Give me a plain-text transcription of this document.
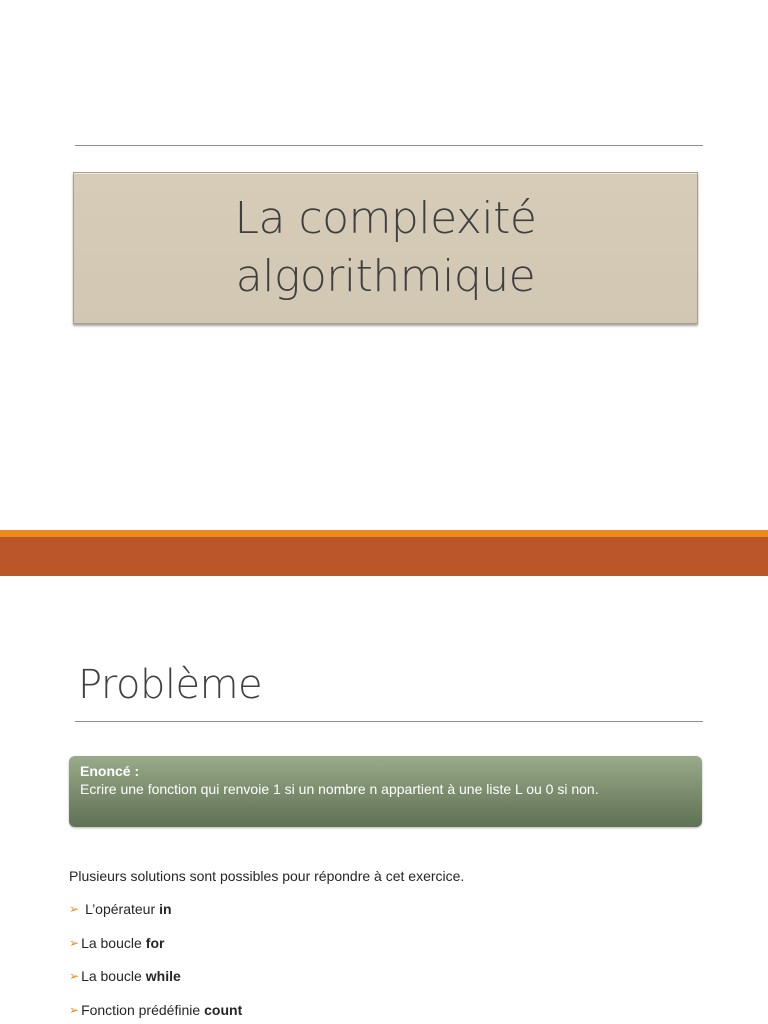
La complexité
algorithmique
Problème
Enoncé :
Ecrire une fonction qui renvoie 1 si un nombre n appartient à une liste L ou 0 si non.
Plusieurs solutions sont possibles pour répondre à cet exercice.
➢ L’opérateur in
➢ La boucle for
➢ La boucle while
➢ Fonction prédéfinie count
